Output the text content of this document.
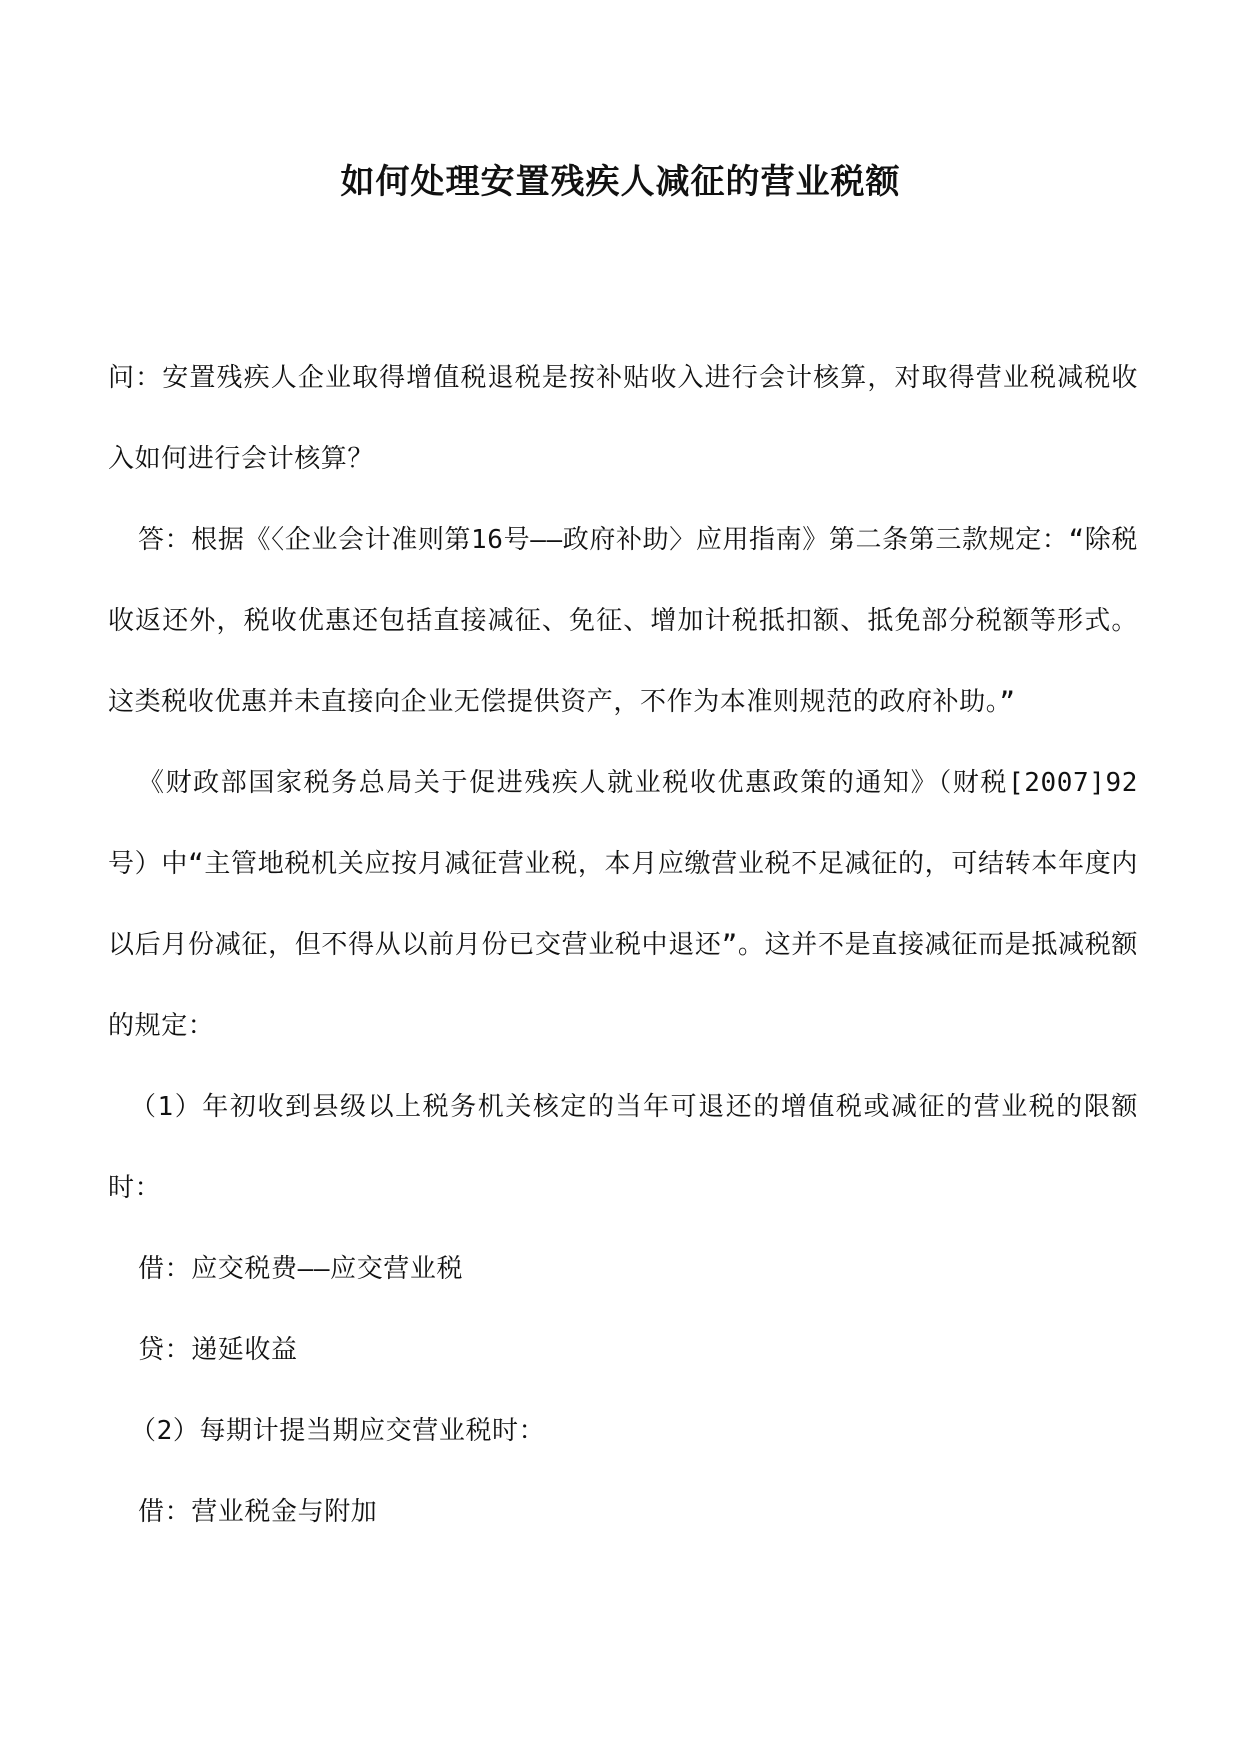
如何处理安置残疾人减征的营业税额

问：安置残疾人企业取得增值税退税是按补贴收入进行会计核算，对取得营业税减税收入如何进行会计核算？

答：根据《〈企业会计准则第16号——政府补助〉应用指南》第二条第三款规定：“除税收返还外，税收优惠还包括直接减征、免征、增加计税抵扣额、抵免部分税额等形式。这类税收优惠并未直接向企业无偿提供资产，不作为本准则规范的政府补助。”

《财政部国家税务总局关于促进残疾人就业税收优惠政策的通知》（财税[2007]92号）中“主管地税机关应按月减征营业税，本月应缴营业税不足减征的，可结转本年度内以后月份减征，但不得从以前月份已交营业税中退还”。这并不是直接减征而是抵减税额的规定：

（1）年初收到县级以上税务机关核定的当年可退还的增值税或减征的营业税的限额时：

借：应交税费——应交营业税

贷：递延收益

（2）每期计提当期应交营业税时：

借：营业税金与附加
